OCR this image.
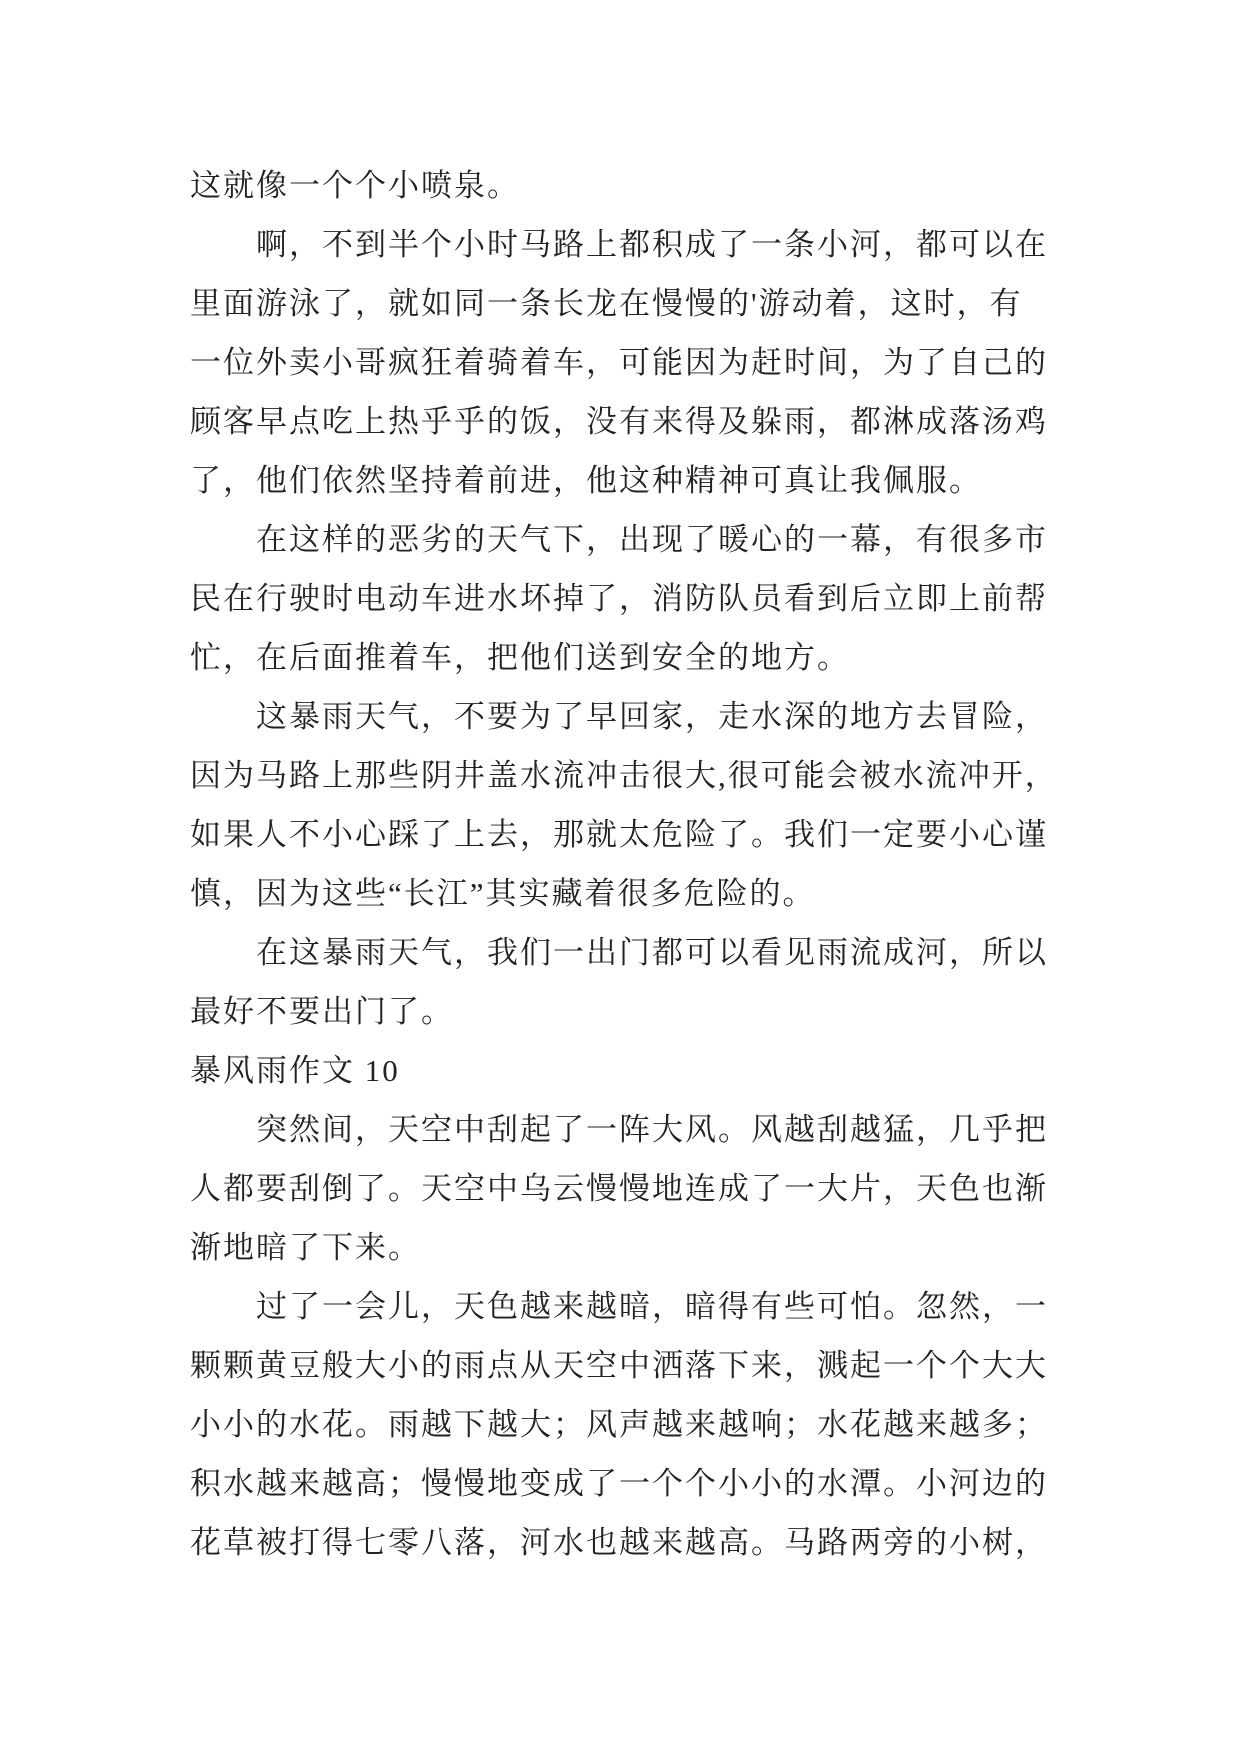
这就像一个个小喷泉。
啊，不到半个小时马路上都积成了一条小河，都可以在
里面游泳了，就如同一条长龙在慢慢的'游动着，这时，有
一位外卖小哥疯狂着骑着车，可能因为赶时间，为了自己的
顾客早点吃上热乎乎的饭，没有来得及躲雨，都淋成落汤鸡
了，他们依然坚持着前进，他这种精神可真让我佩服。
在这样的恶劣的天气下，出现了暖心的一幕，有很多市
民在行驶时电动车进水坏掉了，消防队员看到后立即上前帮
忙，在后面推着车，把他们送到安全的地方。
这暴雨天气，不要为了早回家，走水深的地方去冒险，
因为马路上那些阴井盖水流冲击很大,很可能会被水流冲开，
如果人不小心踩了上去，那就太危险了。我们一定要小心谨
慎，因为这些“长江”其实藏着很多危险的。
在这暴雨天气，我们一出门都可以看见雨流成河，所以
最好不要出门了。
暴风雨作文 10
突然间，天空中刮起了一阵大风。风越刮越猛，几乎把
人都要刮倒了。天空中乌云慢慢地连成了一大片，天色也渐
渐地暗了下来。
过了一会儿，天色越来越暗，暗得有些可怕。忽然，一
颗颗黄豆般大小的雨点从天空中洒落下来，溅起一个个大大
小小的水花。雨越下越大；风声越来越响；水花越来越多；
积水越来越高；慢慢地变成了一个个小小的水潭。小河边的
花草被打得七零八落，河水也越来越高。马路两旁的小树，
